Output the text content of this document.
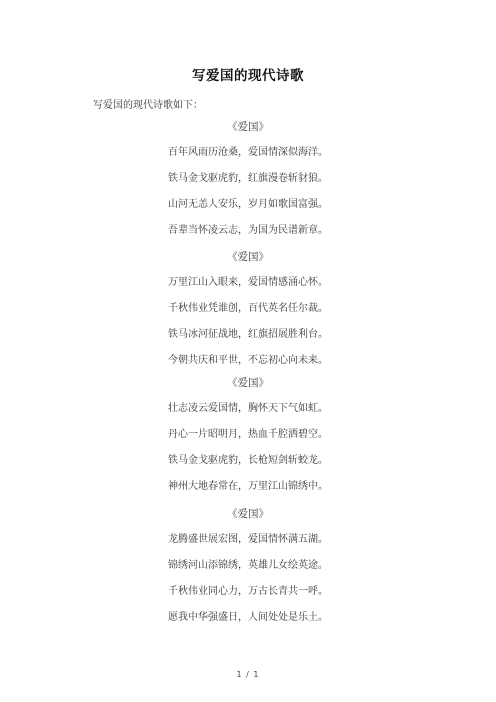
写爱国的现代诗歌
写爱国的现代诗歌如下：
《爱国》
百年风雨历沧桑，爱国情深似海洋。
铁马金戈驱虎豹，红旗漫卷斩豺狼。
山河无恙人安乐，岁月如歌国富强。
吾辈当怀凌云志，为国为民谱新章。
《爱国》
万里江山入眼来，爱国情感涌心怀。
千秋伟业凭谁创，百代英名任尔裁。
铁马冰河征战地，红旗招展胜利台。
今朝共庆和平世，不忘初心向未来。
《爱国》
壮志凌云爱国情，胸怀天下气如虹。
丹心一片昭明月，热血千腔洒碧空。
铁马金戈驱虎豹，长枪短剑斩蛟龙。
神州大地春常在，万里江山锦绣中。
《爱国》
龙腾盛世展宏图，爱国情怀满五湖。
锦绣河山添锦绣，英雄儿女绘英途。
千秋伟业同心力，万古长青共一呼。
愿我中华强盛日，人间处处是乐土。
1 / 1
